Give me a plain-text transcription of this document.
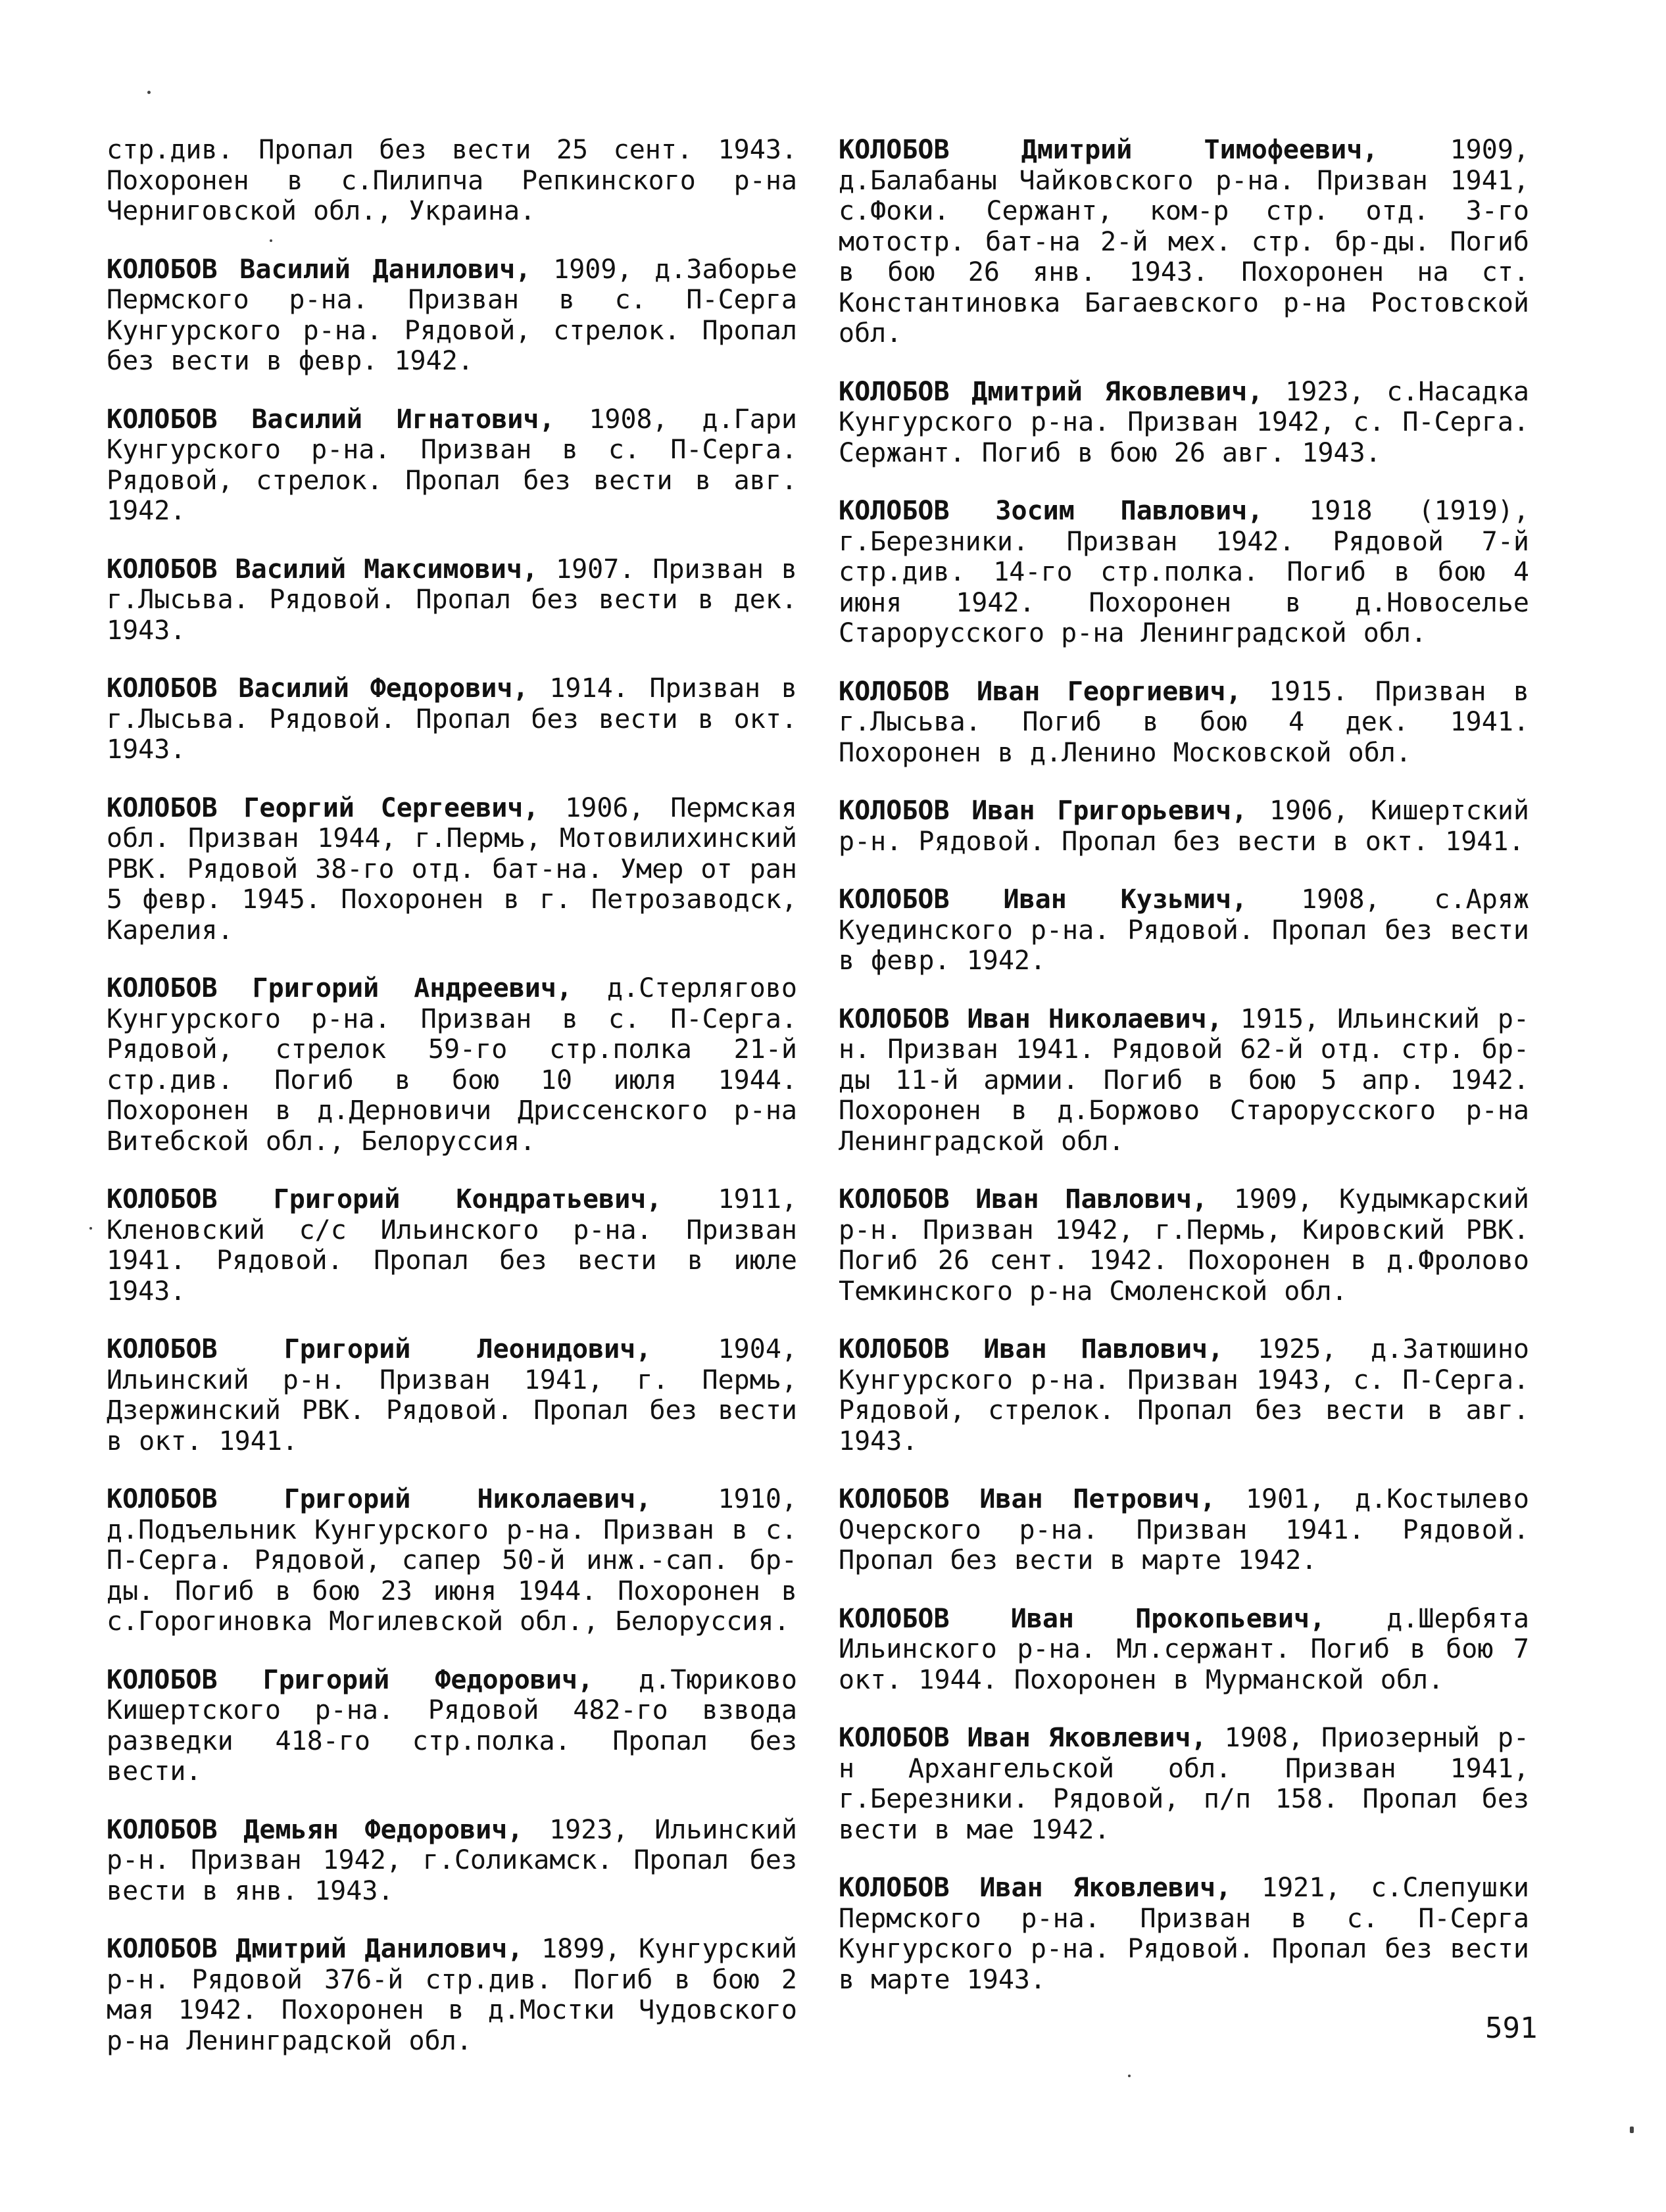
стр.див. Пропал без вести 25 сент. 1943. Похоронен в с.Пилипча Репкинского р-на Черниговской обл., Украина.

КОЛОБОВ Василий Данилович, 1909, д.Заборье Пермского р-на. Призван в с. П-Серга Кунгурского р-на. Рядовой, стрелок. Пропал без вести в февр. 1942.

КОЛОБОВ Василий Игнатович, 1908, д.Гари Кунгурского р-на. Призван в с. П-Серга. Рядовой, стрелок. Пропал без вести в авг. 1942.

КОЛОБОВ Василий Максимович, 1907. Призван в г.Лысьва. Рядовой. Пропал без вести в дек. 1943.

КОЛОБОВ Василий Федорович, 1914. Призван в г.Лысьва. Рядовой. Пропал без вести в окт. 1943.

КОЛОБОВ Георгий Сергеевич, 1906, Пермская обл. Призван 1944, г.Пермь, Мотовилихинский РВК. Рядовой 38-го отд. бат-на. Умер от ран 5 февр. 1945. Похоронен в г. Петрозаводск, Карелия.

КОЛОБОВ Григорий Андреевич, д.Стерлягово Кунгурского р-на. Призван в с. П-Серга. Рядовой, стрелок 59-го стр.полка 21-й стр.див. Погиб в бою 10 июля 1944. Похоронен в д.Дерновичи Дриссенского р-на Витебской обл., Белоруссия.

КОЛОБОВ Григорий Кондратьевич, 1911, Кленовский с/с Ильинского р-на. Призван 1941. Рядовой. Пропал без вести в июле 1943.

КОЛОБОВ Григорий Леонидович,	1904, Ильинский р-н. Призван 1941, г. Пермь, Дзержинский РВК. Рядовой. Пропал без вести в окт. 1941.

КОЛОБОВ Григорий Николаевич,	1910, д.Подъельник Кунгурского р-на. Призван в с. П-Серга. Рядовой, сапер 50-й инж.-сап. бр-ды. Погиб в бою 23 июня 1944. Похоронен в с.Горогиновка Могилевской обл., Белоруссия.

КОЛОБОВ Григорий Федорович, д.Тюриково Кишертского р-на. Рядовой 482-го взвода разведки 418-го стр.полка. Пропал без вести.

КОЛОБОВ Демьян Федорович, 1923, Ильинский р-н. Призван 1942, г.Соликамск. Пропал без вести в янв. 1943.

КОЛОБОВ Дмитрий Данилович, 1899, Кунгурский р-н. Рядовой 376-й стр.див. Погиб в бою 2 мая 1942. Похоронен в д.Мостки Чудовского р-на Ленинградской обл.

КОЛОБОВ Дмитрий Тимофеевич,	1909, д.Балабаны Чайковского р-на. Призван 1941, с.Фоки. Сержант, ком-р стр. отд. 3-го мотостр. бат-на 2-й мех. стр. бр-ды. Погиб в бою 26 янв. 1943. Похоронен на ст. Константиновка Багаевского р-на Ростовской обл.

КОЛОБОВ Дмитрий Яковлевич, 1923, с.Насадка Кунгурского р-на. Призван 1942, с. П-Серга. Сержант. Погиб в бою 26 авг. 1943.

КОЛОБОВ Зосим Павлович, 1918 (1919), г.Березники. Призван 1942. Рядовой 7-й стр.див. 14-го стр.полка. Погиб в бою 4 июня 1942. Похоронен в д.Новоселье Старорусского р-на Ленинградской обл.

КОЛОБОВ Иван Георгиевич, 1915. Призван в г.Лысьва. Погиб в бою 4 дек. 1941. Похоронен в д.Ленино Московской обл.

КОЛОБОВ Иван Григорьевич, 1906, Кишертский р-н. Рядовой. Пропал без вести в окт. 1941.

КОЛОБОВ Иван Кузьмич, 1908, с.Аряж Куединского р-на. Рядовой. Пропал без вести в февр. 1942.

КОЛОБОВ Иван Николаевич, 1915, Ильинский р-н. Призван 1941. Рядовой 62-й отд. стр. бр-ды 11-й армии. Погиб в бою 5 апр. 1942. Похоронен в д.Боржово Старорусского р-на Ленинградской обл.

КОЛОБОВ Иван Павлович, 1909, Кудымкарский р-н. Призван 1942, г.Пермь, Кировский РВК. Погиб 26 сент. 1942. Похоронен в д.Фролово Темкинского р-на Смоленской обл.

КОЛОБОВ Иван Павлович, 1925, д.Затюшино Кунгурского р-на. Призван 1943, с. П-Серга. Рядовой, стрелок. Пропал без вести в авг. 1943.

КОЛОБОВ Иван Петрович, 1901, д.Костылево Очерского р-на. Призван 1941. Рядовой. Пропал без вести в марте 1942.

КОЛОБОВ Иван Прокопьевич, д.Шербята Ильинского р-на. Мл.сержант. Погиб в бою 7 окт. 1944. Похоронен в Мурманской обл.

КОЛОБОВ Иван Яковлевич, 1908, Приозерный р-н Архангельской обл. Призван 1941, г.Березники. Рядовой, п/п 158. Пропал без вести в мае 1942.

КОЛОБОВ Иван Яковлевич, 1921, с.Слепушки Пермского р-на. Призван в с. П-Серга Кунгурского р-на. Рядовой. Пропал без вести в марте 1943.

591
